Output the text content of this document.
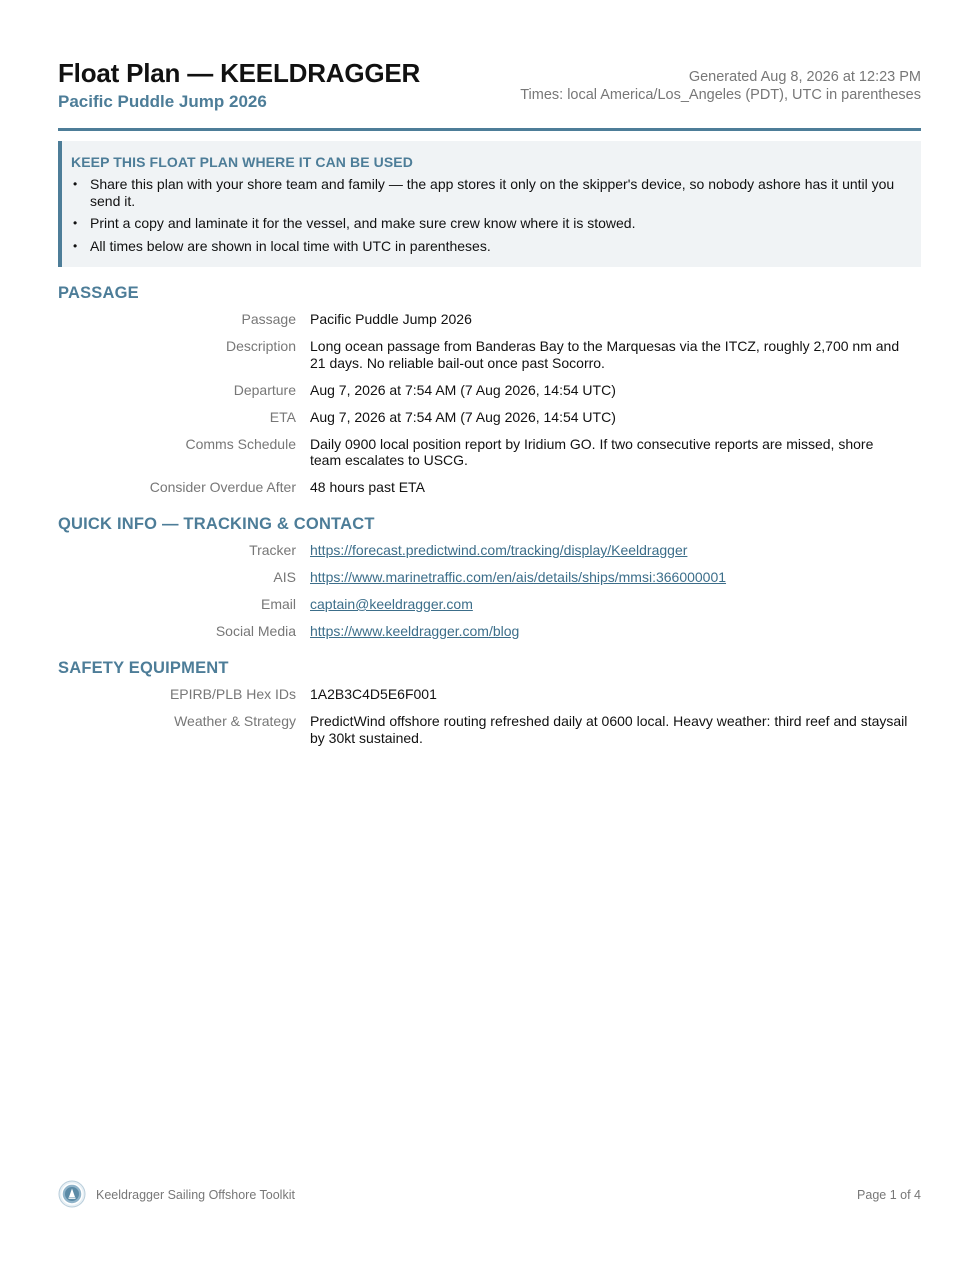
Float Plan — KEELDRAGGER
Pacific Puddle Jump 2026
Generated Aug 8, 2026 at 12:23 PM
Times: local America/Los_Angeles (PDT), UTC in parentheses
KEEP THIS FLOAT PLAN WHERE IT CAN BE USED
• Share this plan with your shore team and family — the app stores it only on the skipper's device, so nobody ashore has it until you send it.
• Print a copy and laminate it for the vessel, and make sure crew know where it is stowed.
• All times below are shown in local time with UTC in parentheses.
PASSAGE
Passage Pacific Puddle Jump 2026
Description Long ocean passage from Banderas Bay to the Marquesas via the ITCZ, roughly 2,700 nm and 21 days. No reliable bail-out once past Socorro.
Departure Aug 7, 2026 at 7:54 AM (7 Aug 2026, 14:54 UTC)
ETA Aug 7, 2026 at 7:54 AM (7 Aug 2026, 14:54 UTC)
Comms Schedule Daily 0900 local position report by Iridium GO. If two consecutive reports are missed, shore team escalates to USCG.
Consider Overdue After 48 hours past ETA
QUICK INFO — TRACKING & CONTACT
Tracker https://forecast.predictwind.com/tracking/display/Keeldragger
AIS https://www.marinetraffic.com/en/ais/details/ships/mmsi:366000001
Email captain@keeldragger.com
Social Media https://www.keeldragger.com/blog
SAFETY EQUIPMENT
EPIRB/PLB Hex IDs 1A2B3C4D5E6F001
Weather & Strategy PredictWind offshore routing refreshed daily at 0600 local. Heavy weather: third reef and staysail by 30kt sustained.
Keeldragger Sailing Offshore Toolkit	Page 1 of 4
